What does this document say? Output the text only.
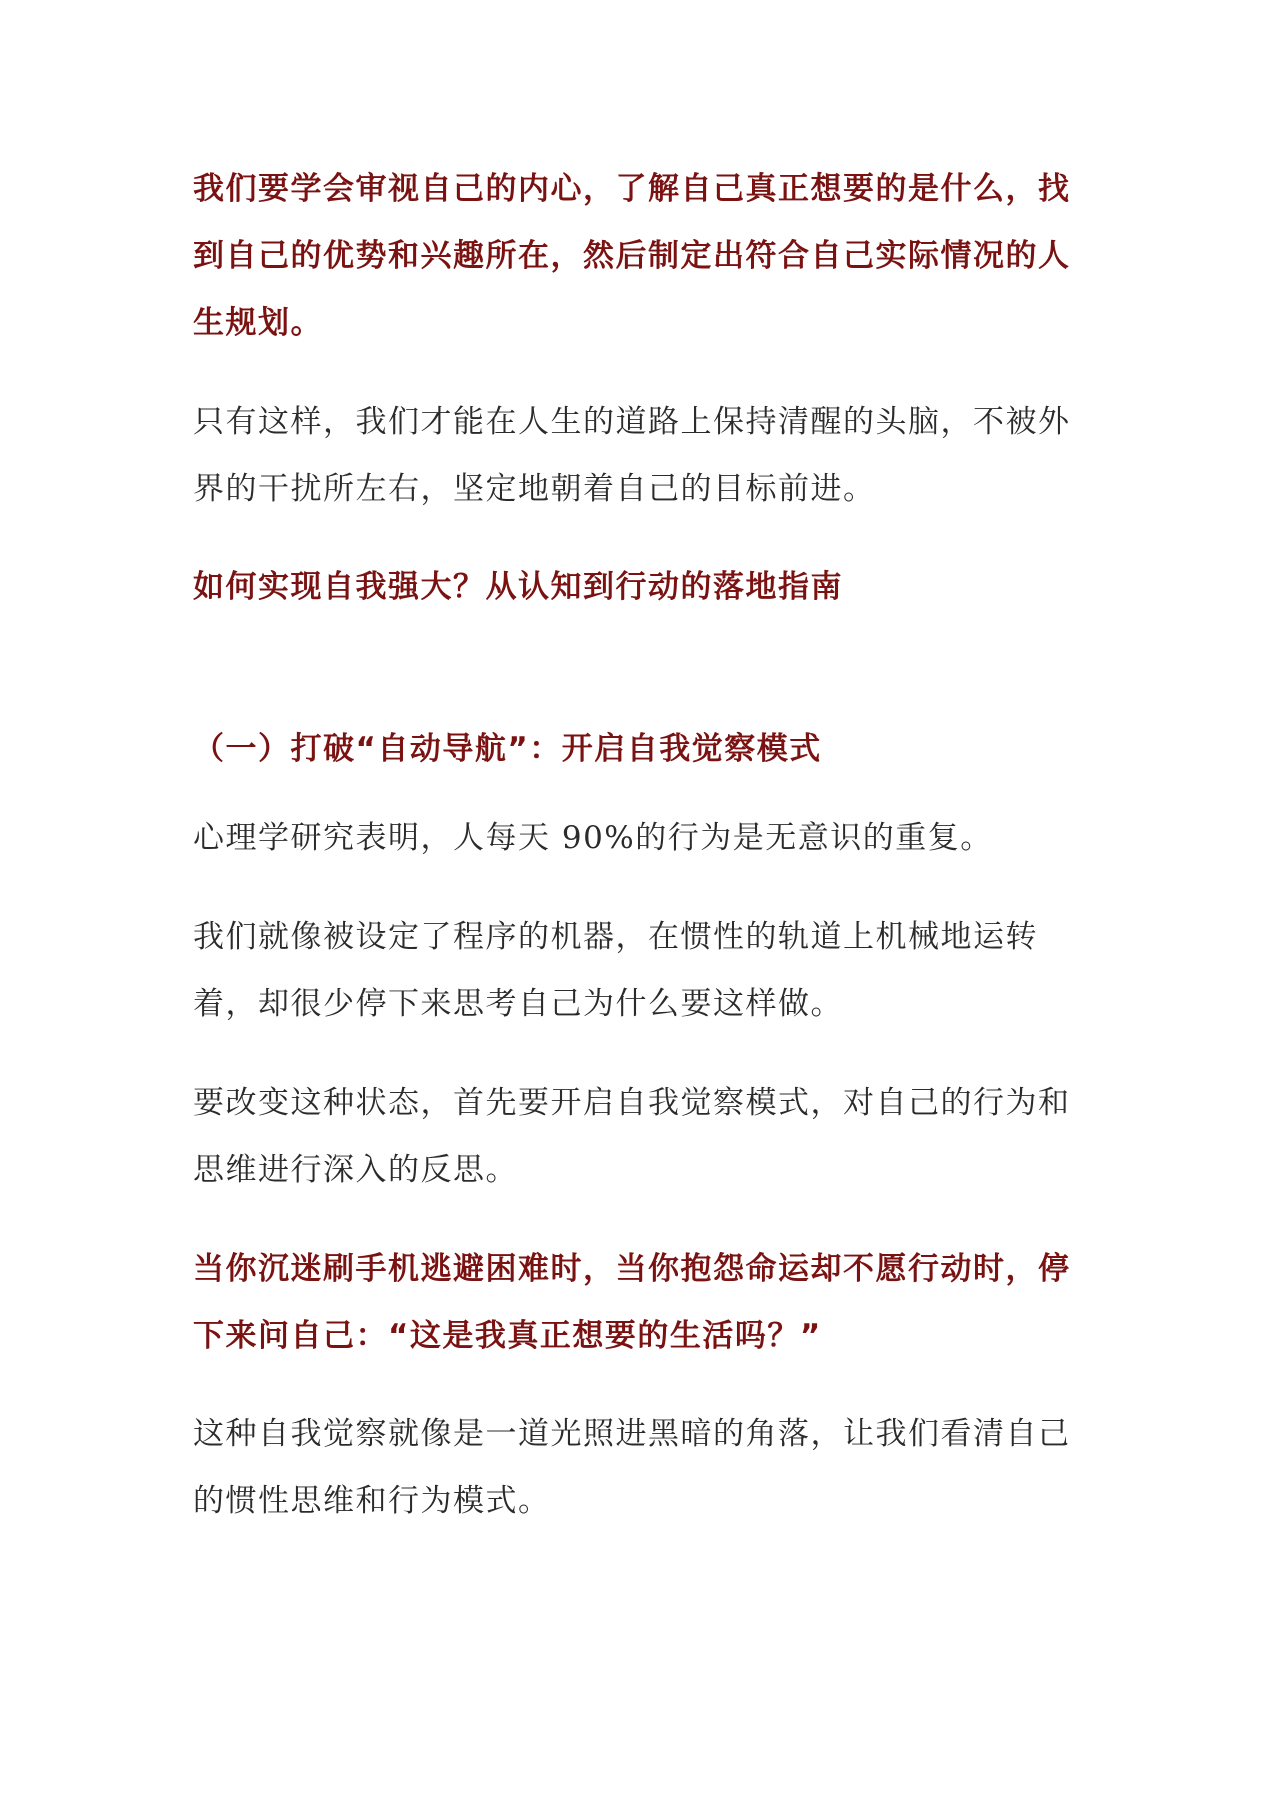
我们要学会审视自己的内心，了解自己真正想要的是什么，找到自己的优势和兴趣所在，然后制定出符合自己实际情况的人生规划。

只有这样，我们才能在人生的道路上保持清醒的头脑，不被外界的干扰所左右，坚定地朝着自己的目标前进。

如何实现自我强大？从认知到行动的落地指南

（一）打破“自动导航”：开启自我觉察模式

心理学研究表明，人每天 90%的行为是无意识的重复。

我们就像被设定了程序的机器，在惯性的轨道上机械地运转着，却很少停下来思考自己为什么要这样做。

要改变这种状态，首先要开启自我觉察模式，对自己的行为和思维进行深入的反思。

当你沉迷刷手机逃避困难时，当你抱怨命运却不愿行动时，停下来问自己：“这是我真正想要的生活吗？”

这种自我觉察就像是一道光照进黑暗的角落，让我们看清自己的惯性思维和行为模式。
